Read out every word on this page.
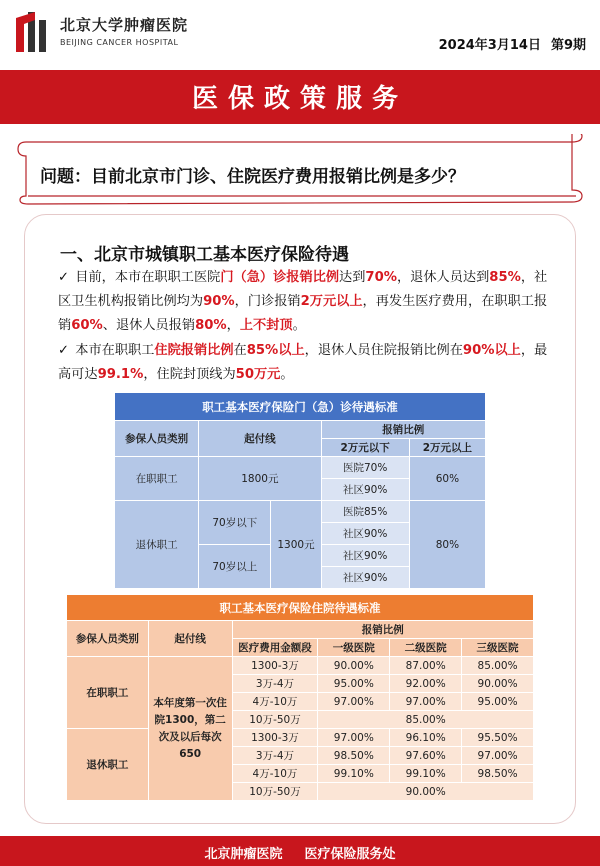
北京大学肿瘤医院
BEIJING CANCER HOSPITAL	2024年3月14日 第9期
医保政策服务
问题：目前北京市门诊、住院医疗费用报销比例是多少？
一、北京市城镇职工基本医疗保险待遇
✓ 目前，本市在职职工医院门（急）诊报销比例达到70%，退休人员达到85%，社区卫生机构报销比例均为90%，门诊报销2万元以上，再发生医疗费用，在职职工报销60%、退休人员报销80%，上不封顶。
✓ 本市在职职工住院报销比例在85%以上，退休人员住院报销比例在90%以上，最高可达99.1%，住院封顶线为50万元。
职工基本医疗保险门（急）诊待遇标准				
参保人员类别	起付线		报销比例	
			2万元以下	2万元以上
在职职工	1800元		医院70%	60%
			社区90%	
退休职工	70岁以下	1300元	医院85%	80%
			社区90%	
	70岁以上		社区90%	
			社区90%	
职工基本医疗保险住院待遇标准					
参保人员类别	起付线	报销比例			
		医疗费用金额段	一级医院	二级医院	三级医院
在职职工	本年度第一次住院1300，第二次及以后每次650	1300-3万	90.00%	87.00%	85.00%
		3万-4万	95.00%	92.00%	90.00%
		4万-10万	97.00%	97.00%	95.00%
		10万-50万	85.00%		
退休职工		1300-3万	97.00%	96.10%	95.50%
		3万-4万	98.50%	97.60%	97.00%
		4万-10万	99.10%	99.10%	98.50%
		10万-50万	90.00%		
北京肿瘤医院 医疗保险服务处
